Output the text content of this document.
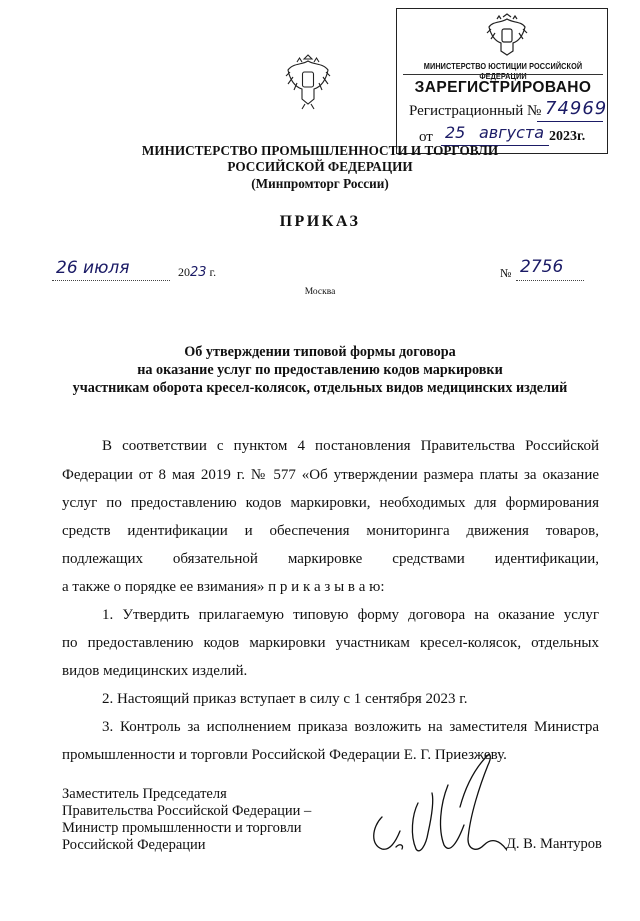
МИНИСТЕРСТВО ЮСТИЦИИ РОССИЙСКОЙ ФЕДЕРАЦИИ
ЗАРЕГИСТРИРОВАНО
Регистрационный № 74969
от 25 августа 2023г.
МИНИСТЕРСТВО ПРОМЫШЛЕННОСТИ И ТОРГОВЛИ
РОССИЙСКОЙ ФЕДЕРАЦИИ
(Минпромторг России)
ПРИКАЗ
26 июля	2023 г.	№ 2756
Москва
Об утверждении типовой формы договора
на оказание услуг по предоставлению кодов маркировки
участникам оборота кресел-колясок, отдельных видов медицинских изделий
В соответствии с пунктом 4 постановления Правительства Российской
Федерации от 8 мая 2019 г. № 577 «Об утверждении размера платы за оказание
услуг по предоставлению кодов маркировки, необходимых для формирования
средств идентификации и обеспечения мониторинга движения товаров,
подлежащих обязательной маркировке средствами идентификации,
а также о порядке ее взимания» п р и к а з ы в а ю:
1. Утвердить прилагаемую типовую форму договора на оказание услуг
по предоставлению кодов маркировки участникам кресел-колясок, отдельных
видов медицинских изделий.
2. Настоящий приказ вступает в силу с 1 сентября 2023 г.
3. Контроль за исполнением приказа возложить на заместителя Министра
промышленности и торговли Российской Федерации Е. Г. Приезжеву.
Заместитель Председателя
Правительства Российской Федерации –
Министр промышленности и торговли
Российской Федерации	Д. В. Мантуров
